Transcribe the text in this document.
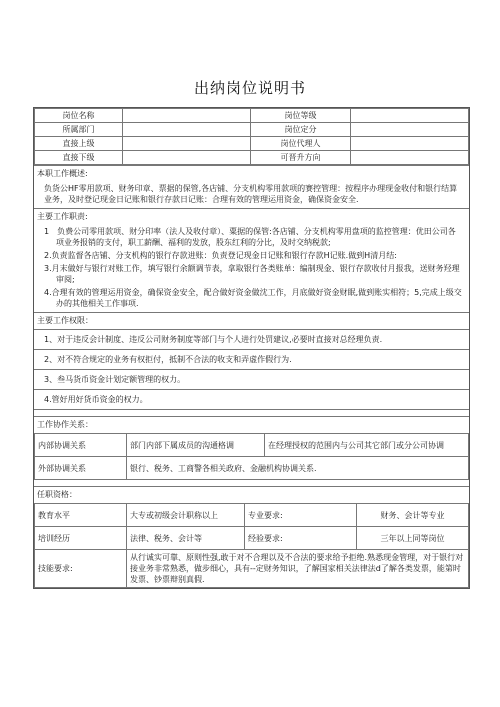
出纳岗位说明书
岗位名称		岗位等级	
所属部门		岗位定分	
直接上级		岗位代理人	
直接下级		可晋升方向	
本职工作概述:

负货公HF零用款项、财务印章、票据的保管,各店铺、分支机构零用款项的赛控管理：按程序办理现金收付和银行结算业务，及时登记现金日记账和银行存款日记账：合理有效的管理运用资金，确保资金安全.

主要工作职责:
1　负费公司零用款项、财分印率（法人及收付章）、粟据的保管:各店铺、分支机构零用盘项的监控管理：优田公司各项业务报销的支付，职工薪酬、福利的发放，股东红利的分比，及时交纳税款;
2.负责监督各店铺、分支机构的银行存款进账：负责登记现金日记账和银行存款H记账.做到H清月结:
3.月末做好与银行对账工作，填写银行余额调节表，拿取银行各类账单：编制现金、银行存款收付月报我，送财务羟理审阅;
4.合理有效的管理运用资金，确保资金安全，配合做好资金做沈工作，月底做好资金财眠,做到账实相符；5,完成上级交办的其他相关工作事项.
主要工作权限：

1、对于违反会计制度、违反公司财务制度等部门与个人进行处罚建议,必要时直接对总经理负责.

2、对不符合规定的业务有权拒付，抵制不合法的收支和弄虚作假行为.

3、叁马货币资金计划定额管理的权力。

4.管好用好货币资金的权力。

工作协作关系：
内部协调关系	部门内部下属成员的沟通格调	在经理授权的范围内与公司其它部门或分公司协调
外部协调关系	银行、税务、工商警各相关政府、金融机构协调关系.	
任职资格：
教育水平	大专或初级会计职称以上	专业要求:	财务、会计等专业
培训经历	法律、税务、会计等	经验要求:	三年以上同等岗位
技能要求:	从行诚实可靠、原则性强,敢于对不合理以及不合法的要求给予拒绝.熟悉现金管理，对于银行对接业务非常熟悉，做步细心，具有--定财务知识，了解国家相关法律法d了解各类发票，能第时发票、钞票辩别真假.		
